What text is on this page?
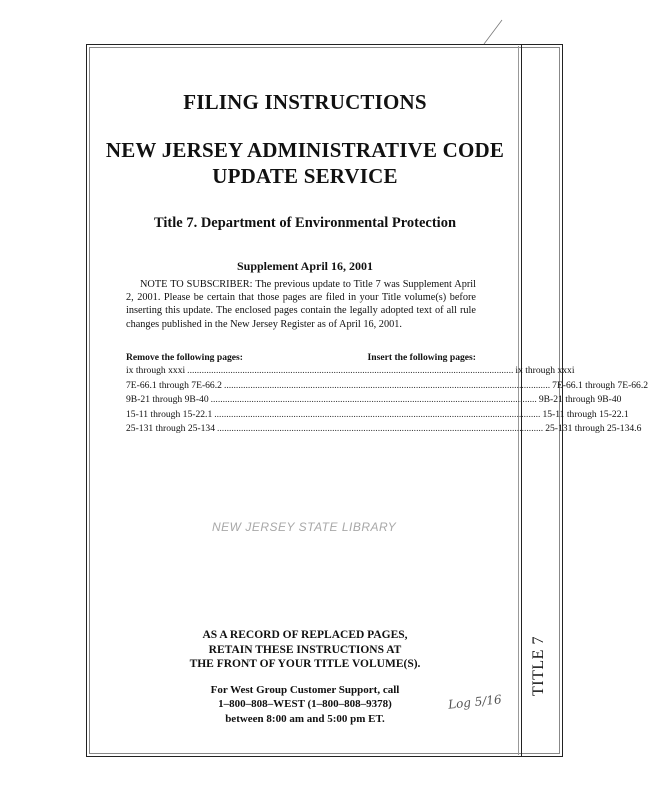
FILING INSTRUCTIONS
NEW JERSEY ADMINISTRATIVE CODE
UPDATE SERVICE
Title 7. Department of Environmental Protection
Supplement April 16, 2001
NOTE TO SUBSCRIBER: The previous update to Title 7 was Supplement April 2, 2001. Please be certain that those pages are filed in your Title volume(s) before inserting this update. The enclosed pages contain the legally adopted text of all rule changes published in the New Jersey Register as of April 16, 2001.
Remove the following pages:	Insert the following pages:
ix through xxxi ........................................................................................................................................ ix through xxxi
7E-66.1 through 7E-66.2 ........................................................................................................................................ 7E-66.1 through 7E-66.2
9B-21 through 9B-40 ........................................................................................................................................ 9B-21 through 9B-40
15-11 through 15-22.1 ........................................................................................................................................ 15-11 through 15-22.1
25-131 through 25-134 ........................................................................................................................................ 25-131 through 25-134.6
NEW JERSEY STATE LIBRARY
AS A RECORD OF REPLACED PAGES,
RETAIN THESE INSTRUCTIONS AT
THE FRONT OF YOUR TITLE VOLUME(S).
For West Group Customer Support, call
1–800–808–WEST (1–800–808–9378)
between 8:00 am and 5:00 pm ET.
Log 5/16
TITLE 7
